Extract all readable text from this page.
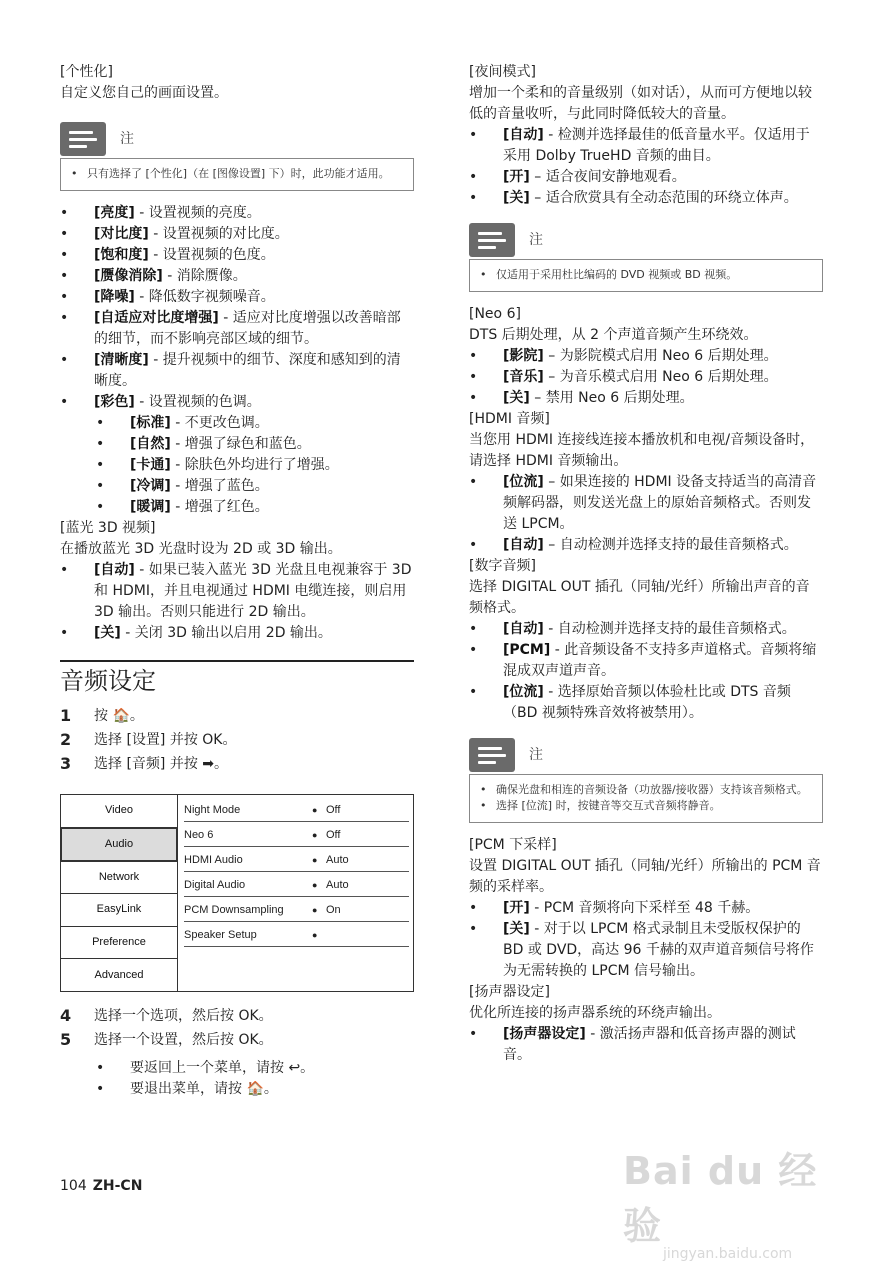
[个性化]

自定义您自己的画面设置。

注
• 只有选择了 [个性化]（在 [图像设置] 下）时，此功能才适用。
• [亮度] - 设置视频的亮度。
• [对比度] - 设置视频的对比度。
• [饱和度] - 设置视频的色度。
• [赝像消除] - 消除赝像。
• [降噪] - 降低数字视频噪音。
• [自适应对比度增强] - 适应对比度增强以改善暗部的细节，而不影响亮部区域的细节。
• [清晰度] - 提升视频中的细节、深度和感知到的清晰度。
• [彩色] - 设置视频的色调。
• [标准] - 不更改色调。
• [自然] - 增强了绿色和蓝色。
• [卡通] - 除肤色外均进行了增强。
• [冷调] - 增强了蓝色。
• [暖调] - 增强了红色。

[蓝光 3D 视频]

在播放蓝光 3D 光盘时设为 2D 或 3D 输出。

• [自动] - 如果已装入蓝光 3D 光盘且电视兼容于 3D 和 HDMI，并且电视通过 HDMI 电缆连接，则启用 3D 输出。否则只能进行 2D 输出。
• [关] - 关闭 3D 输出以启用 2D 输出。
音频设定
1	按 🏠。
2	选择 [设置] 并按 OK。
3	选择 [音频] 并按 ➡。
Video
Audio
Network
EasyLink
Preference
Advanced
Night Mode	● Off
Neo 6	● Off
HDMI Audio	● Auto
Digital Audio	● Auto
PCM Downsampling	● On
Speaker Setup	●
4	选择一个选项，然后按 OK。
5	选择一个设置，然后按 OK。
• 要返回上一个菜单，请按 ↩。
• 要退出菜单，请按 🏠。

[夜间模式]

增加一个柔和的音量级别（如对话），从而可方便地以较低的音量收听，与此同时降低较大的音量。

• [自动] - 检测并选择最佳的低音量水平。仅适用于采用 Dolby TrueHD 音频的曲目。
• [开] – 适合夜间安静地观看。
• [关] – 适合欣赏具有全动态范围的环绕立体声。
注
• 仅适用于采用杜比编码的 DVD 视频或 BD 视频。

[Neo 6]

DTS 后期处理，从 2 个声道音频产生环绕效。

• [影院] – 为影院模式启用 Neo 6 后期处理。
• [音乐] – 为音乐模式启用 Neo 6 后期处理。
• [关] – 禁用 Neo 6 后期处理。

[HDMI 音频]

当您用 HDMI 连接线连接本播放机和电视/音频设备时，请选择 HDMI 音频输出。

• [位流] – 如果连接的 HDMI 设备支持适当的高清音频解码器，则发送光盘上的原始音频格式。否则发送 LPCM。
• [自动] – 自动检测并选择支持的最佳音频格式。

[数字音频]

选择 DIGITAL OUT 插孔（同轴/光纤）所输出声音的音频格式。

• [自动] - 自动检测并选择支持的最佳音频格式。
• [PCM] - 此音频设备不支持多声道格式。音频将缩混成双声道声音。
• [位流] - 选择原始音频以体验杜比或 DTS 音频（BD 视频特殊音效将被禁用）。
注
• 确保光盘和相连的音频设备（功放器/接收器）支持该音频格式。
• 选择 [位流] 时，按键音等交互式音频将静音。

[PCM 下采样]

设置 DIGITAL OUT 插孔（同轴/光纤）所输出的 PCM 音频的采样率。

• [开] - PCM 音频将向下采样至 48 千赫。
• [关] - 对于以 LPCM 格式录制且未受版权保护的 BD 或 DVD，高达 96 千赫的双声道音频信号将作为无需转换的 LPCM 信号输出。

[扬声器设定]

优化所连接的扬声器系统的环绕声输出。

• [扬声器设定] - 激活扬声器和低音扬声器的测试音。
104 ZH-CN	Bai du 经验
jingyan.baidu.com
